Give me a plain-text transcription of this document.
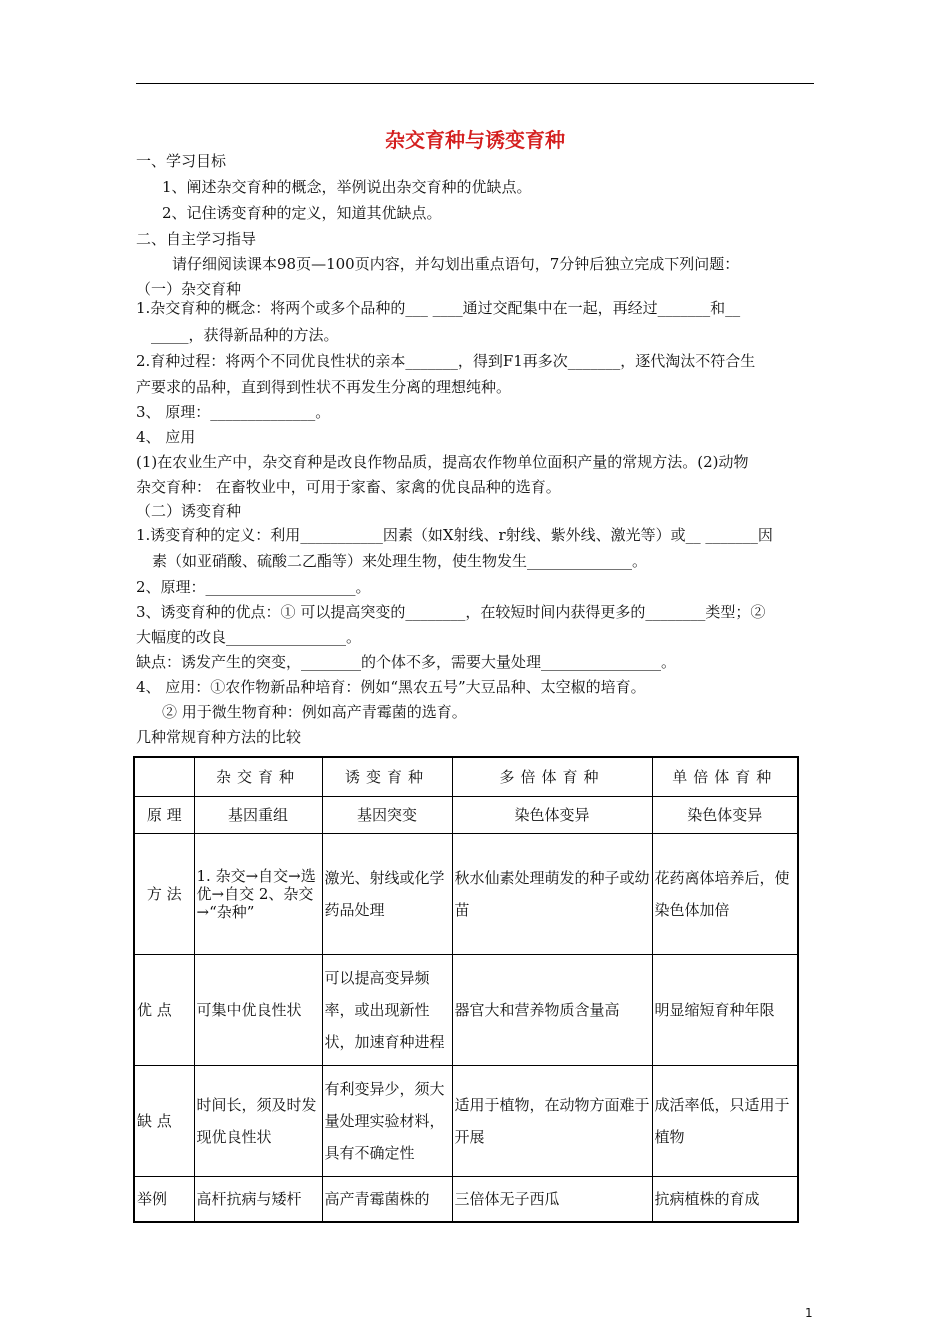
杂交育种与诱变育种
一、学习目标
1、阐述杂交育种的概念，举例说出杂交育种的优缺点。
2、记住诱变育种的定义，知道其优缺点。
二、自主学习指导
请仔细阅读课本98页—100页内容，并勾划出重点语句，7分钟后独立完成下列问题：
（一）杂交育种
1.杂交育种的概念：将两个或多个品种的___ ____通过交配集中在一起，再经过_______和__
_____，获得新品种的方法。
2.育种过程：将两个不同优良性状的亲本_______，得到F1再多次_______，逐代淘汰不符合生
产要求的品种，直到得到性状不再发生分离的理想纯种。
3、 原理：______________。
4、 应用
(1)在农业生产中，杂交育种是改良作物品质，提高农作物单位面积产量的常规方法。(2)动物
杂交育种： 在畜牧业中，可用于家畜、家禽的优良品种的选育。
（二）诱变育种
1.诱变育种的定义：利用___________因素（如X射线、r射线、紫外线、激光等）或__ _______因
素（如亚硝酸、硫酸二乙酯等）来处理生物，使生物发生______________。
2、原理：____________________。
3、诱变育种的优点：① 可以提高突变的________，在较短时间内获得更多的________类型；②
大幅度的改良________________。
缺点：诱发产生的突变，________的个体不多，需要大量处理________________。
4、 应用：①农作物新品种培育：例如“黑农五号”大豆品种、太空椒的培育。
② 用于微生物育种：例如高产青霉菌的选育。
几种常规育种方法的比较
	杂交育种	诱变育种	多倍体育种	单倍体育种
原 理	基因重组	基因突变	染色体变异	染色体变异
方 法	1. 杂交→自交→选优→自交 2、杂交→“杂种”	激光、射线或化学药品处理	秋水仙素处理萌发的种子或幼苗	花药离体培养后，使染色体加倍
优 点	可集中优良性状	可以提高变异频率，或出现新性状，加速育种进程	器官大和营养物质含量高	明显缩短育种年限
缺 点	时间长，须及时发现优良性状	有利变异少，须大量处理实验材料，具有不确定性	适用于植物，在动物方面难于开展	成活率低，只适用于植物
举例	高杆抗病与矮杆	高产青霉菌株的	三倍体无子西瓜	抗病植株的育成
1
